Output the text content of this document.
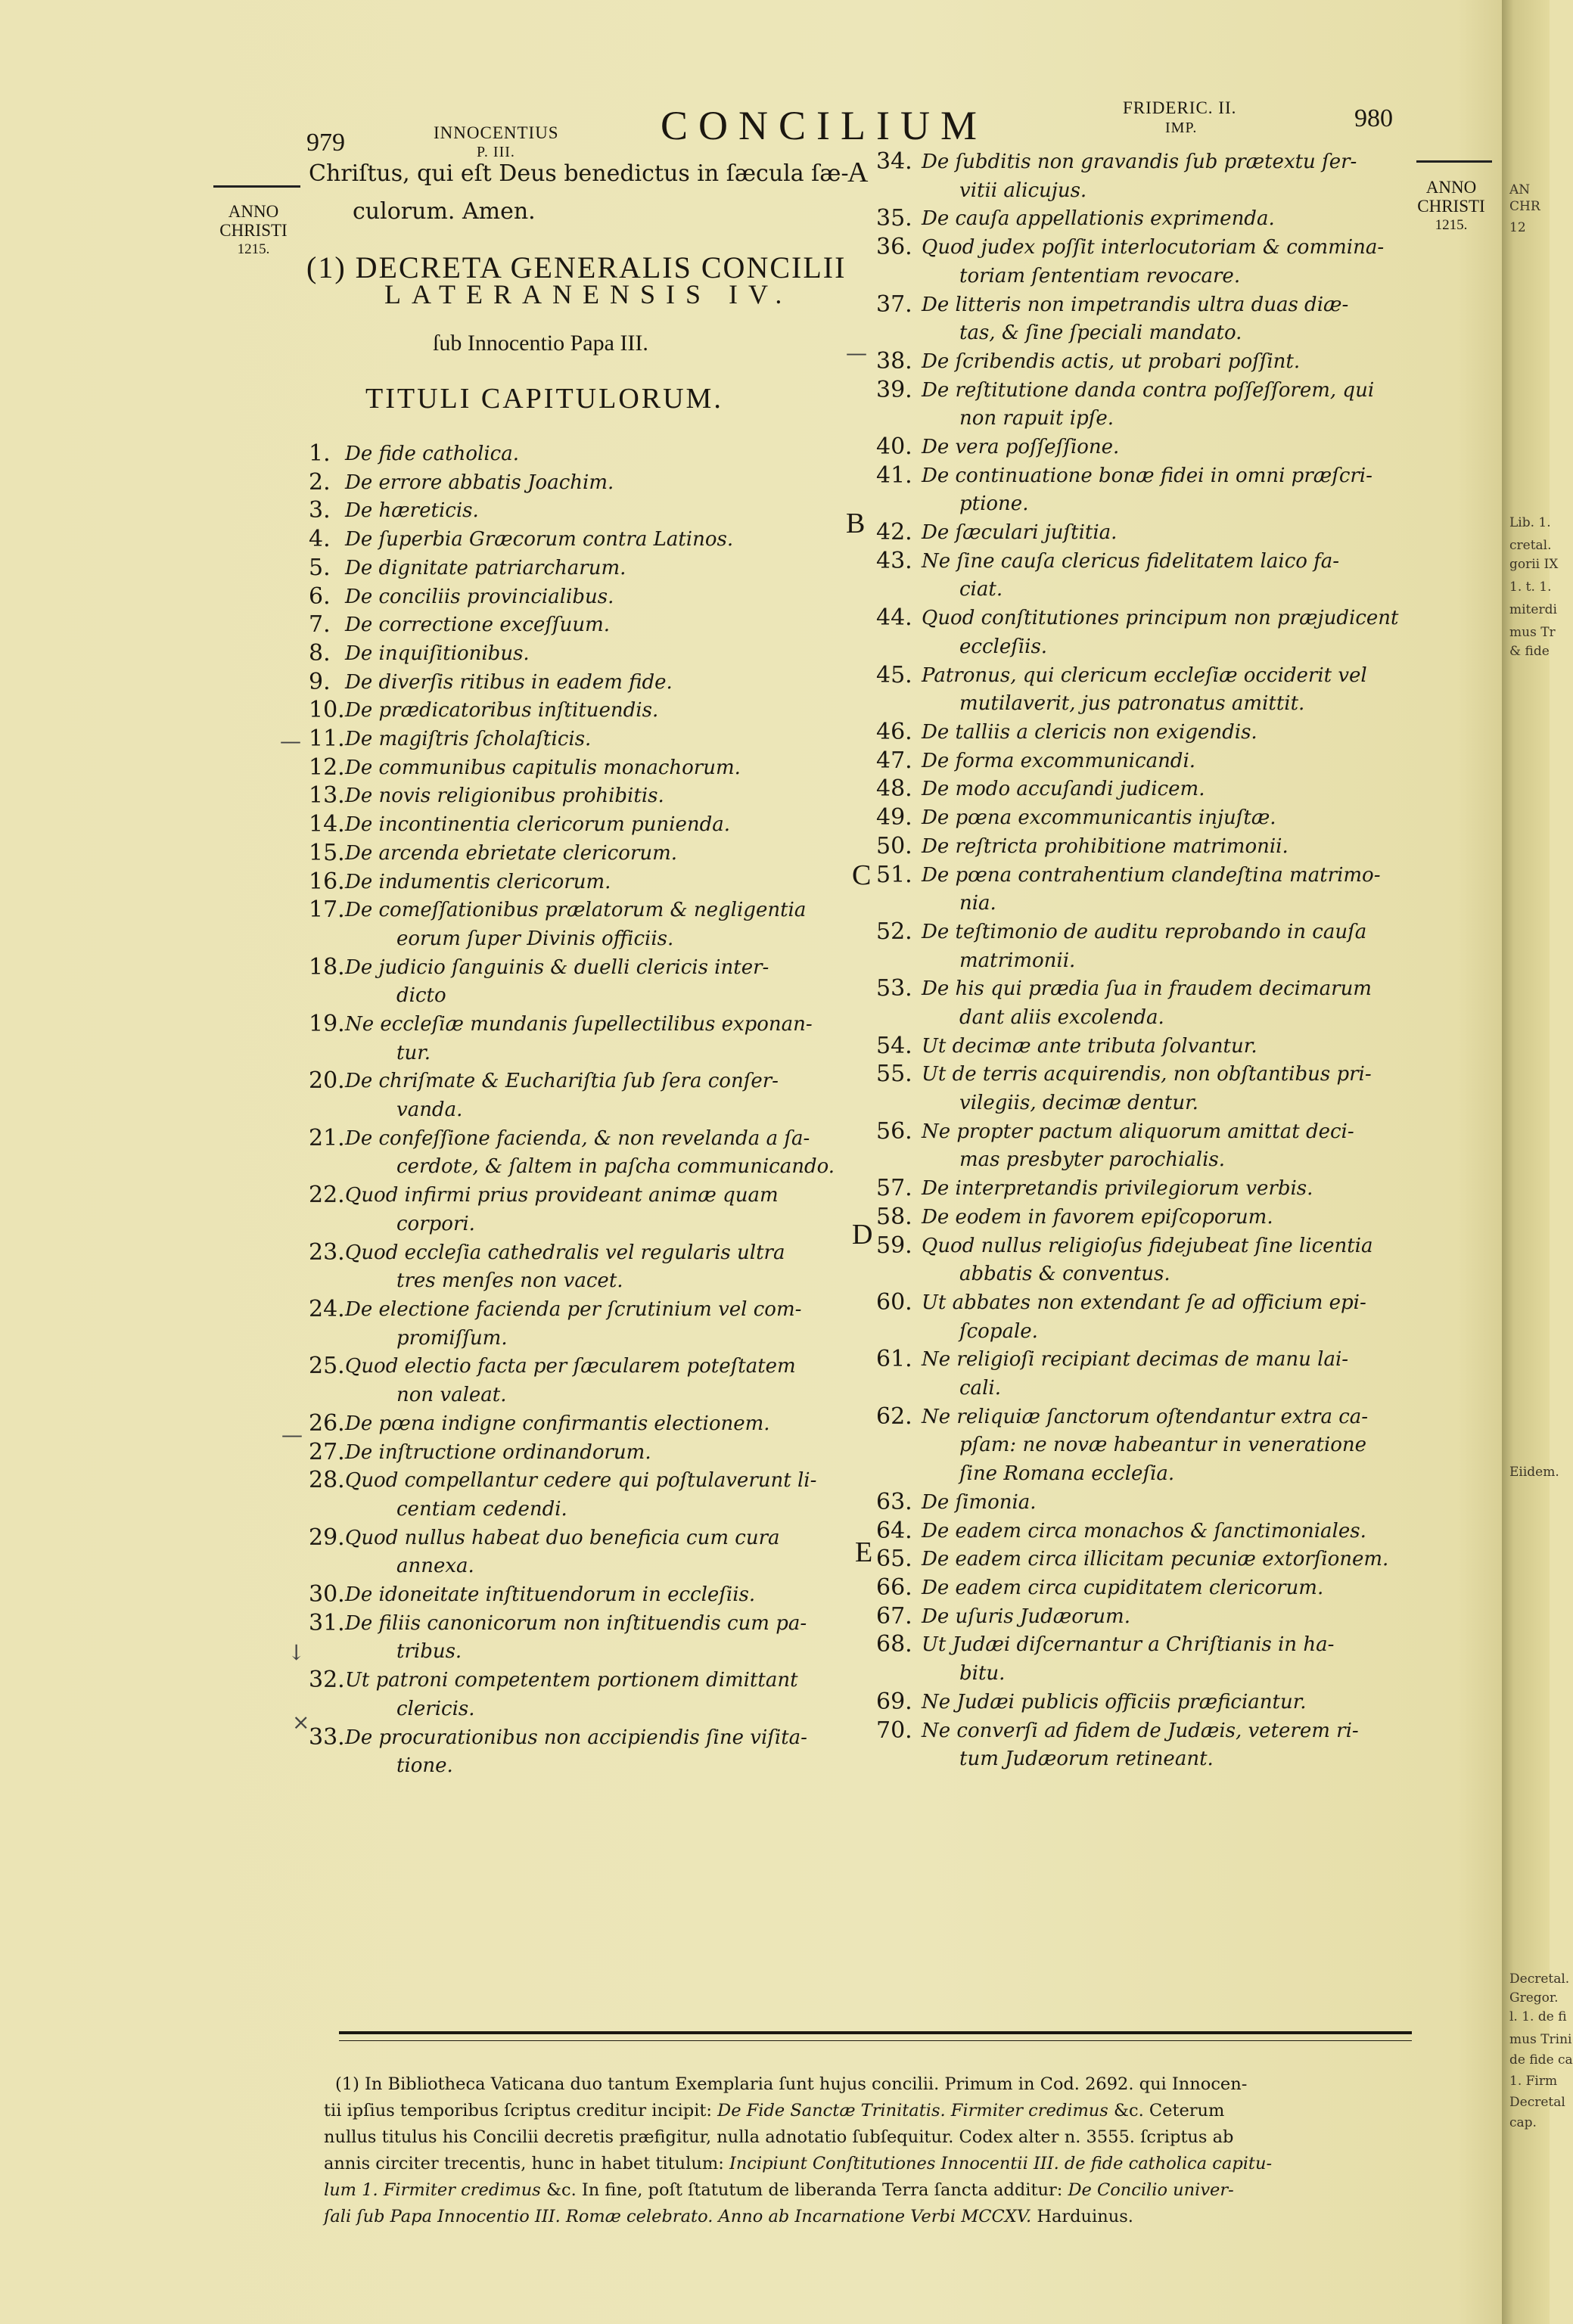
979	INNOCENTIUS
P. III.
CONCILIUM	FRIDERIC. II.
IMP.	980
ANNO
CHRISTI
1215.
ANNO
CHRISTI
1215.
A
B
C
D
E
Chriſtus, qui eſt Deus benedictus in ſæcula ſæ-
culorum. Amen.
(1) DECRETA GENERALIS CONCILII
LATERANENSIS IV.
ſub Innocentio Papa III.
TITULI CAPITULORUM.
1. De fide catholica.
2. De errore abbatis Joachim.
3. De hæreticis.
4. De ſuperbia Græcorum contra Latinos.
5. De dignitate patriarcharum.
6. De conciliis provincialibus.
7. De correctione exceſſuum.
8. De inquiſitionibus.
9. De diverſis ritibus in eadem fide.
10. De prædicatoribus inſtituendis.
11. De magiſtris ſcholaſticis.
12. De communibus capitulis monachorum.
13. De novis religionibus prohibitis.
14. De incontinentia clericorum punienda.
15. De arcenda ebrietate clericorum.
16. De indumentis clericorum.
17. De comeſſationibus prælatorum & negligentia
eorum ſuper Divinis officiis.
18. De judicio ſanguinis & duelli clericis inter-
dicto
19. Ne eccleſiæ mundanis ſupellectilibus exponan-
tur.
20. De chriſmate & Euchariſtia ſub ſera conſer-
vanda.
21. De confeſſione facienda, & non revelanda a ſa-
cerdote, & ſaltem in paſcha communicando.
22. Quod infirmi prius provideant animæ quam
corpori.
23. Quod eccleſia cathedralis vel regularis ultra
tres menſes non vacet.
24. De electione facienda per ſcrutinium vel com-
promiſſum.
25. Quod electio facta per ſæcularem poteſtatem
non valeat.
26. De pœna indigne confirmantis electionem.
27. De inſtructione ordinandorum.
28. Quod compellantur cedere qui poſtulaverunt li-
centiam cedendi.
29. Quod nullus habeat duo beneficia cum cura
annexa.
30. De idoneitate inſtituendorum in eccleſiis.
31. De filiis canonicorum non inſtituendis cum pa-
tribus.
32. Ut patroni competentem portionem dimittant
clericis.
33. De procurationibus non accipiendis ſine viſita-
tione.
34. De ſubditis non gravandis ſub prætextu ſer-
vitii alicujus.
35. De cauſa appellationis exprimenda.
36. Quod judex poſſit interlocutoriam & commina-
toriam ſententiam revocare.
37. De litteris non impetrandis ultra duas diæ-
tas, & ſine ſpeciali mandato.
38. De ſcribendis actis, ut probari poſſint.
39. De reſtitutione danda contra poſſeſſorem, qui
non rapuit ipſe.
40. De vera poſſeſſione.
41. De continuatione bonæ fidei in omni præſcri-
ptione.
42. De ſæculari juſtitia.
43. Ne ſine cauſa clericus fidelitatem laico fa-
ciat.
44. Quod conſtitutiones principum non præjudicent
eccleſiis.
45. Patronus, qui clericum eccleſiæ occiderit vel
mutilaverit, jus patronatus amittit.
46. De talliis a clericis non exigendis.
47. De forma excommunicandi.
48. De modo accuſandi judicem.
49. De pœna excommunicantis injuſtæ.
50. De reſtricta prohibitione matrimonii.
51. De pœna contrahentium clandeſtina matrimo-
nia.
52. De teſtimonio de auditu reprobando in cauſa
matrimonii.
53. De his qui prædia ſua in fraudem decimarum
dant aliis excolenda.
54. Ut decimæ ante tributa ſolvantur.
55. Ut de terris acquirendis, non obſtantibus pri-
vilegiis, decimæ dentur.
56. Ne propter pactum aliquorum amittat deci-
mas presbyter parochialis.
57. De interpretandis privilegiorum verbis.
58. De eodem in favorem epiſcoporum.
59. Quod nullus religioſus fidejubeat ſine licentia
abbatis & conventus.
60. Ut abbates non extendant ſe ad officium epi-
ſcopale.
61. Ne religioſi recipiant decimas de manu lai-
cali.
62. Ne reliquiæ ſanctorum oſtendantur extra ca-
pſam: ne novæ habeantur in veneratione
ſine Romana eccleſia.
63. De ſimonia.
64. De eadem circa monachos & ſanctimoniales.
65. De eadem circa illicitam pecuniæ extorſionem.
66. De eadem circa cupiditatem clericorum.
67. De uſuris Judæorum.
68. Ut Judæi diſcernantur a Chriſtianis in ha-
bitu.
69. Ne Judæi publicis officiis præficiantur.
70. Ne converſi ad fidem de Judæis, veterem ri-
tum Judæorum retineant.
—
—
↓
×
—
(1) In Bibliotheca Vaticana duo tantum Exemplaria ſunt hujus concilii. Primum in Cod. 2692. qui Innocen-
tii ipſius temporibus ſcriptus creditur incipit: De Fide Sanctæ Trinitatis. Firmiter credimus &c. Ceterum
nullus titulus his Concilii decretis præfigitur, nulla adnotatio ſubſequitur. Codex alter n. 3555. ſcriptus ab
annis circiter trecentis, hunc in habet titulum: Incipiunt Conſtitutiones Innocentii III. de fide catholica capitu-
lum 1. Firmiter credimus &c. In fine, poſt ſtatutum de liberanda Terra ſancta additur: De Concilio univer-
ſali ſub Papa Innocentio III. Romæ celebrato. Anno ab Incarnatione Verbi MCCXV. Harduinus.
AN
CHR
12
Lib. 1.
cretal.
gorii IX
1. t. 1.
miterdi
mus Tr
& fide
Eiidem.
Decretal.
Gregor.
l. 1. de fi
mus Trini
de fide ca
1. Firm
Decretal
cap.
